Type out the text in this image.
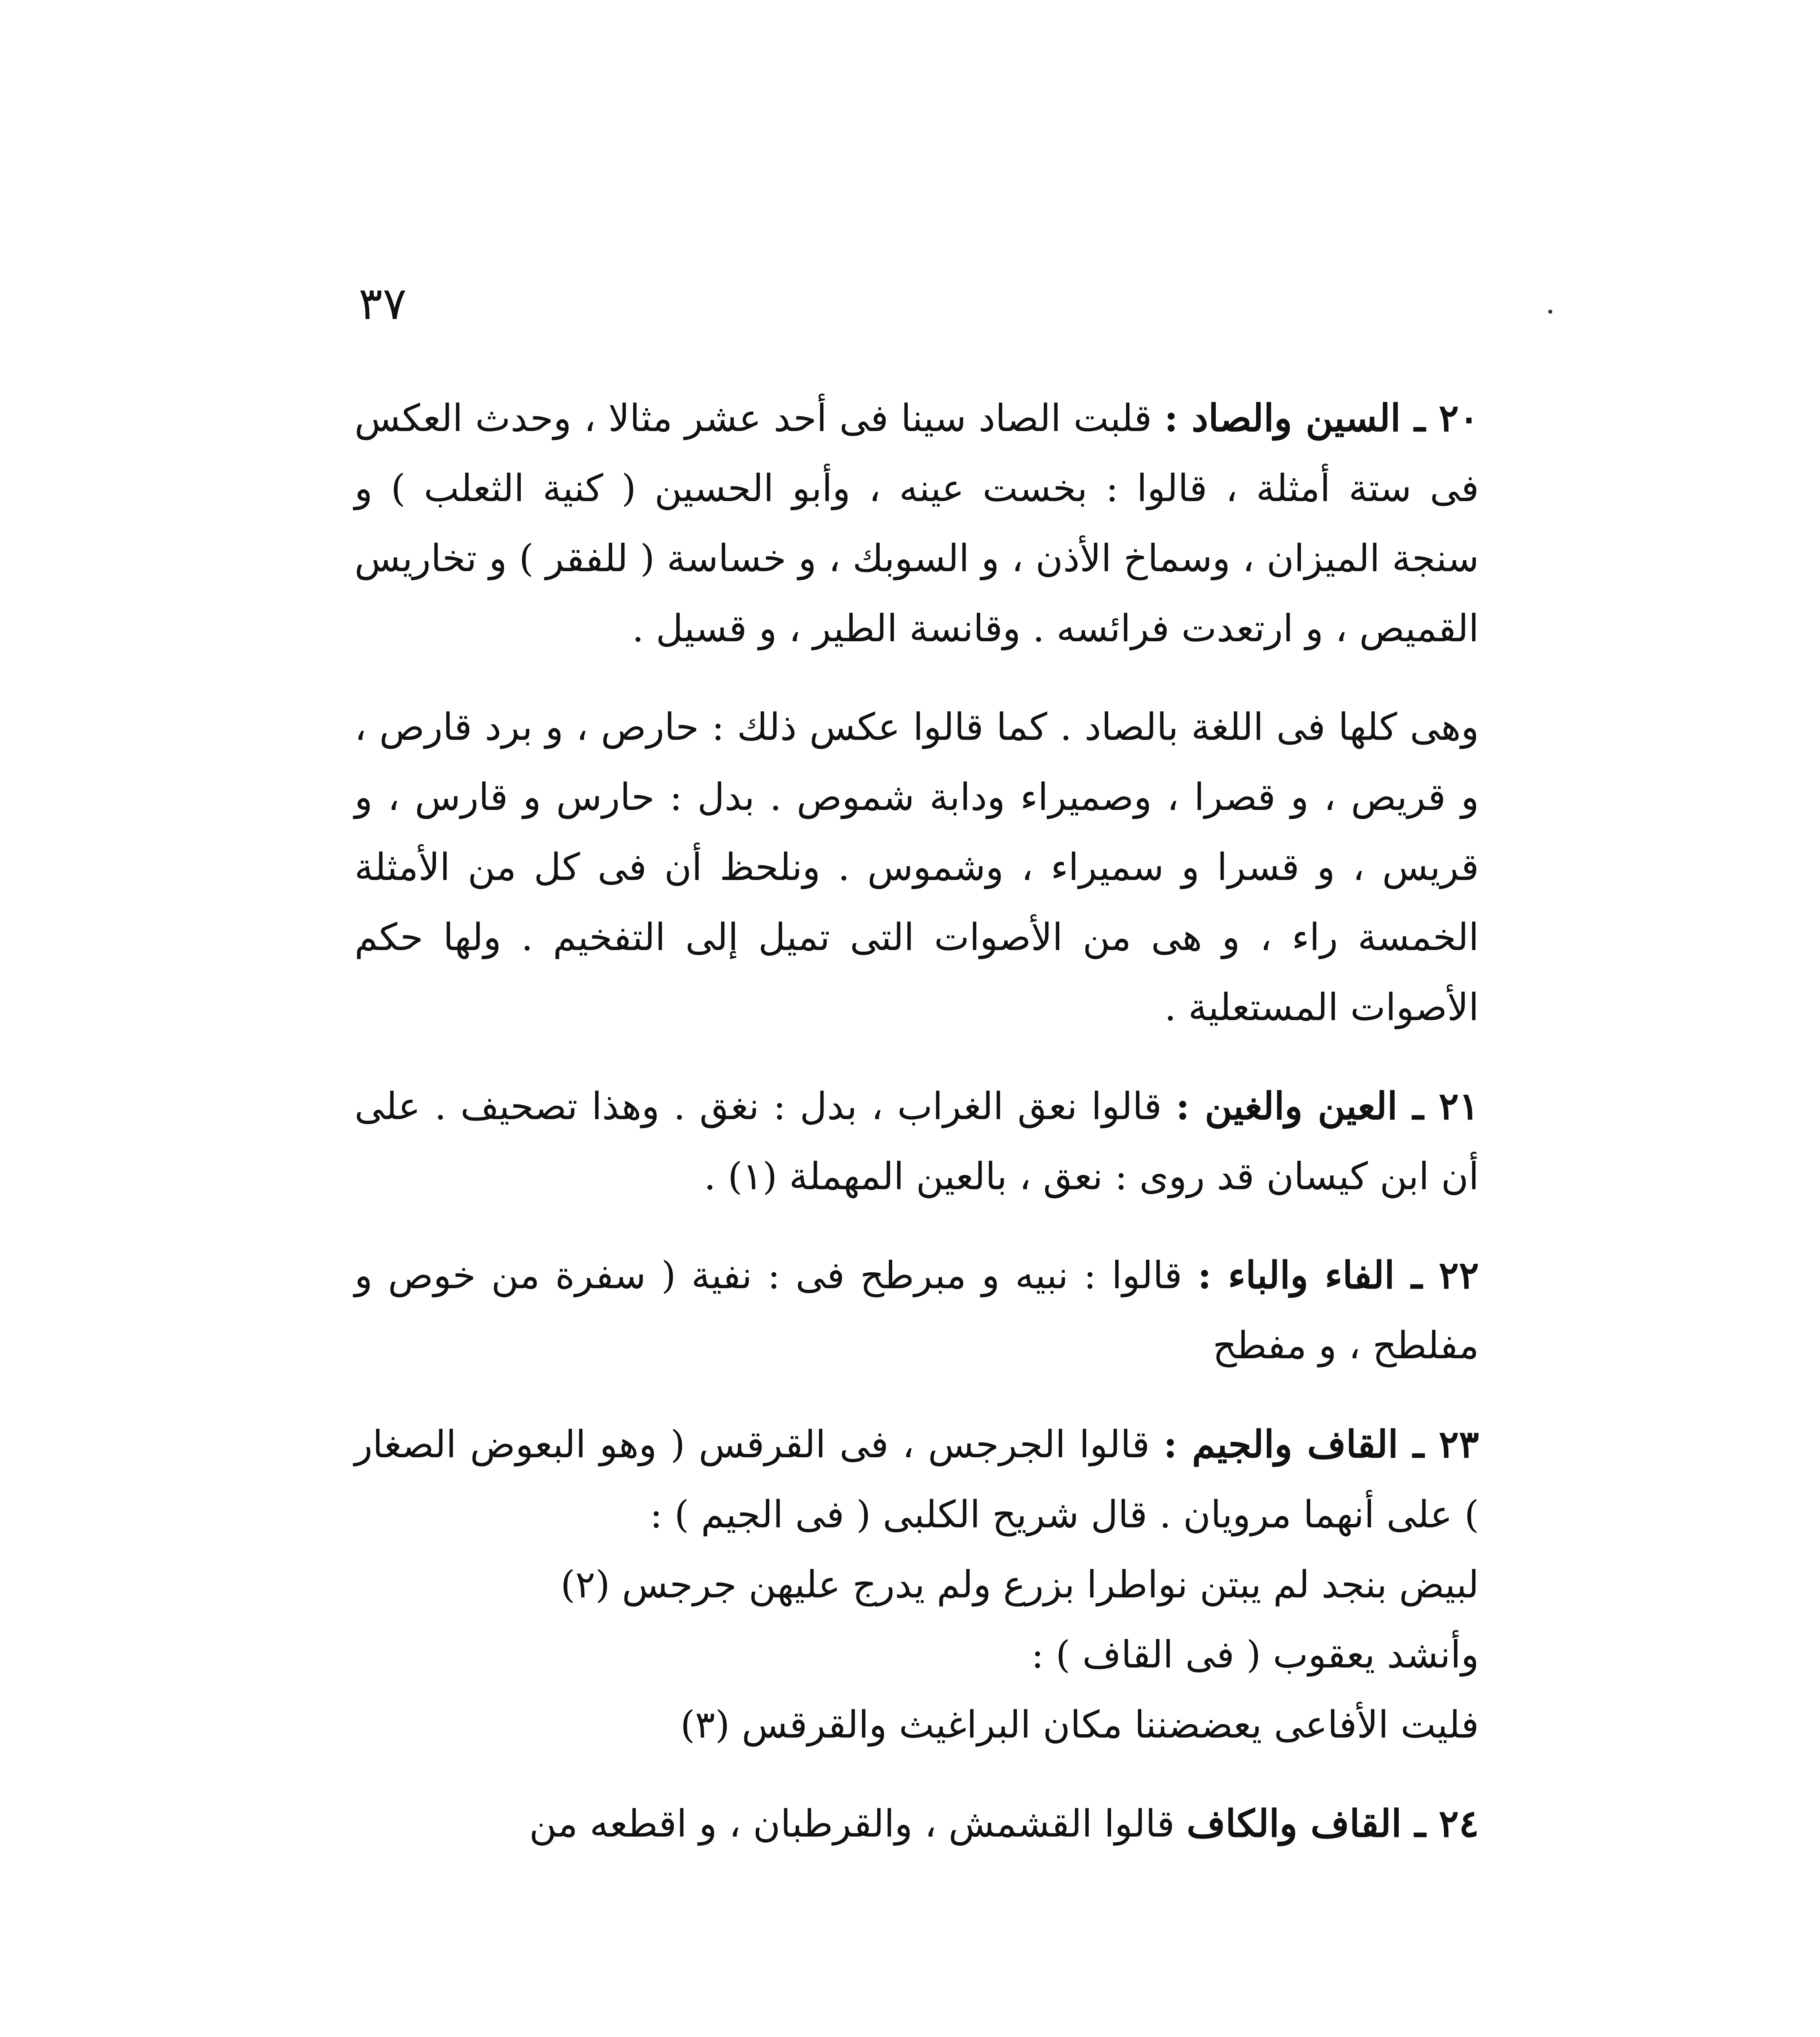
٣٧

٢٠ ـ السين والصاد : قلبت الصاد سينا فى أحد عشر مثالا ، وحدث العكس فى ستة أمثلة ، قالوا : بخست عينه ، وأبو الحسين ( كنية الثعلب ) و سنجة الميزان ، وسماخ الأذن ، و السوبك ، و خساسة ( للفقر ) و تخاريس القميص ، و ارتعدت فرائسه . وقانسة الطير ، و قسيل .

وهى كلها فى اللغة بالصاد . كما قالوا عكس ذلك : حارص ، و برد قارص ، و قريص ، و قصرا ، وصميراء ودابة شموص . بدل : حارس و قارس ، و قريس ، و قسرا و سميراء ، وشموس . ونلحظ أن فى كل من الأمثلة الخمسة راء ، و هى من الأصوات التى تميل إلى التفخيم . ولها حكم الأصوات المستعلية .

٢١ ـ العين والغين : قالوا نعق الغراب ، بدل : نغق . وهذا تصحيف . على أن ابن كيسان قد روى : نعق ، بالعين المهملة (١) .

٢٢ ـ الفاء والباء : قالوا : نبيه و مبرطح فى : نفية ( سفرة من خوص و مفلطح ، و مفطح

٢٣ ـ القاف والجيم : قالوا الجرجس ، فى القرقس ( وهو البعوض الصغار ) على أنهما مرويان . قال شريح الكلبى ( فى الجيم ) :
لبيض بنجد لم يبتن نواطرا بزرع ولم يدرج عليهن جرجس (٢)
وأنشد يعقوب ( فى القاف ) :
فليت الأفاعى يعضضننا مكان البراغيث والقرقس (٣)

٢٤ ـ القاف والكاف قالوا القشمش ، والقرطبان ، و اقطعه من
